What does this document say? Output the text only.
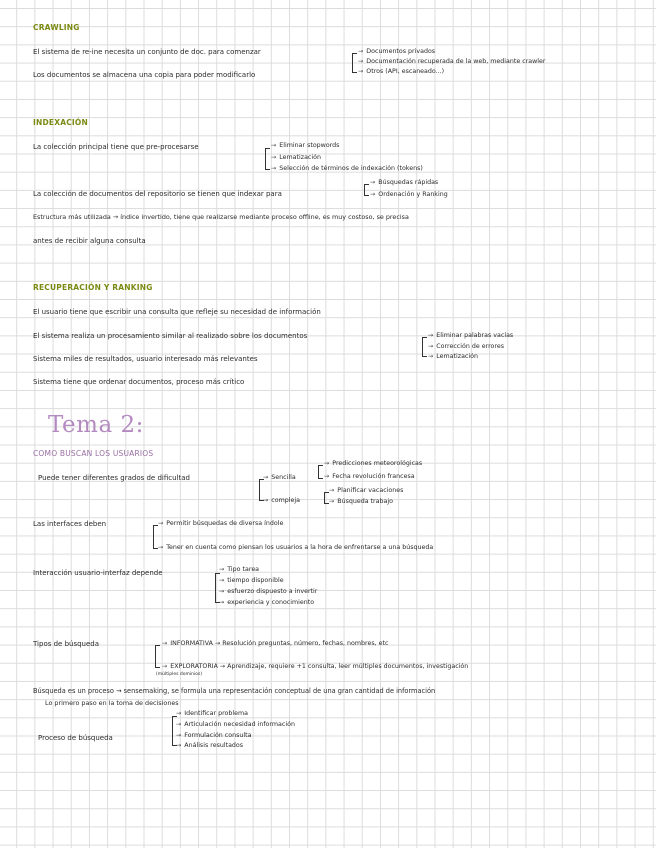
CRAWLING
El sistema de re-ine necesita un conjunto de doc. para comenzar
Los documentos se almacena una copia para poder modificarlo
→ Documentos privados
→ Documentación recuperada de la web, mediante crawler
→ Otros (API, escaneado...)
INDEXACIÓN
La colección principal tiene que pre-procesarse	→ Eliminar stopwords
→ Lematización
→ Selección de términos de indexación (tokens)
La colección de documentos del repositorio se tienen que indexar para
→ Búsquedas rápidas
→ Ordenación y Ranking
Estructura más utilizada → índice invertido, tiene que realizarse mediante proceso offline, es muy costoso, se precisa
antes de recibir alguna consulta
RECUPERACIÓN Y RANKING
El usuario tiene que escribir una consulta que refleje su necesidad de información
El sistema realiza un procesamiento similar al realizado sobre los documentos	→ Eliminar palabras vacías
→ Corrección de errores
→ Lematización
Sistema miles de resultados, usuario interesado más relevantes
Sistema tiene que ordenar documentos, proceso más crítico
Tema 2:
COMO BUSCAN LOS USUARIOS
Puede tener diferentes grados de dificultad	→ Sencilla
→ Predicciones meteorológicas
→ Fecha revolución francesa
→ compleja
→ Planificar vacaciones
→ Búsqueda trabajo
Las interfaces deben	→ Permitir búsquedas de diversa índole
→ Tener en cuenta como piensan los usuarios a la hora de enfrentarse a una búsqueda
Interacción usuario-interfaz depende	→ Tipo tarea
→ tiempo disponible
→ esfuerzo dispuesto a invertir
→ experiencia y conocimiento
Tipos de búsqueda	→ INFORMATIVA → Resolución preguntas, número, fechas, nombres, etc
→ EXPLORATORIA → Aprendizaje, requiere +1 consulta, leer múltiples documentos, investigación
(múltiples dominios)
Búsqueda es un proceso → sensemaking, se formula una representación conceptual de una gran cantidad de información
Lo primero paso en la toma de decisiones
Proceso de búsqueda
→ Identificar problema
→ Articulación necesidad información
→ Formulación consulta
→ Análisis resultados
